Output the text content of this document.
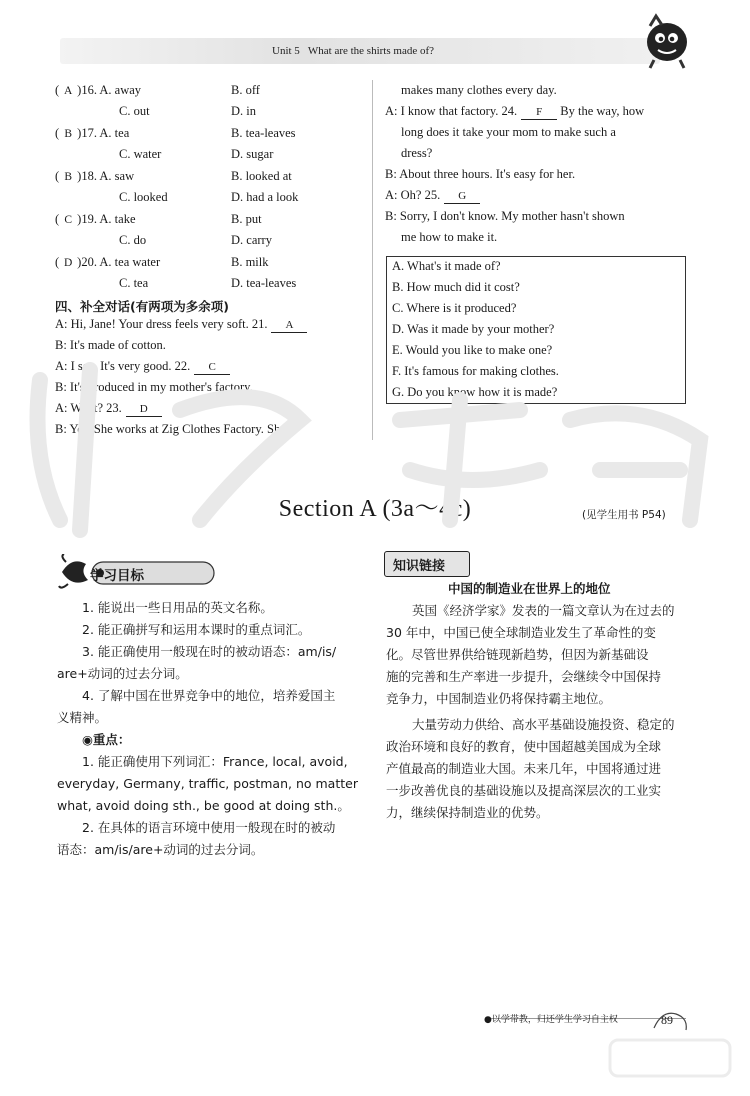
Unit 5 What are the shirts made of?
( A )16. A. away	B. off
C. out	D. in
( B )17. A. tea	B. tea-leaves
C. water	D. sugar
( B )18. A. saw	B. looked at
C. looked	D. had a look
( C )19. A. take	B. put
C. do	D. carry
( D )20. A. tea water	B. milk
C. tea	D. tea-leaves
四、补全对话(有两项为多余项)
A: Hi, Jane! Your dress feels very soft. 21. A
B: It's made of cotton.
A: I see. It's very good. 22. C
B: It's produced in my mother's factory.
A: What? 23. D
B: Yes. She works at Zig Clothes Factory. She
makes many clothes every day.
A: I know that factory. 24. F By the way, how
long does it take your mom to make such a
dress?
B: About three hours. It's easy for her.
A: Oh? 25. G
B: Sorry, I don't know. My mother hasn't shown
me how to make it.
A. What's it made of?
B. How much did it cost?
C. Where is it produced?
D. Was it made by your mother?
E. Would you like to make one?
F. It's famous for making clothes.
G. Do you know how it is made?
Section A (3a～4c)	(见学生用书 P54)
学习目标
1. 能说出一些日用品的英文名称。
2. 能正确拼写和运用本课时的重点词汇。
3. 能正确使用一般现在时的被动语态：am/is/
are+动词的过去分词。
4. 了解中国在世界竞争中的地位，培养爱国主
义精神。
◉重点：
1. 能正确使用下列词汇：France, local, avoid,
everyday, Germany, traffic, postman, no matter
what, avoid doing sth., be good at doing sth.。
2. 在具体的语言环境中使用一般现在时的被动
语态：am/is/are+动词的过去分词。
知识链接
中国的制造业在世界上的地位
英国《经济学家》发表的一篇文章认为在过去的
30 年中，中国已使全球制造业发生了革命性的变
化。尽管世界供给链现新趋势，但因为新基础设
施的完善和生产率进一步提升，会继续令中国保持
竞争力，中国制造业仍将保持霸主地位。
大量劳动力供给、高水平基础设施投资、稳定的
政治环境和良好的教育，使中国超越美国成为全球
产值最高的制造业大国。未来几年，中国将通过进
一步改善优良的基础设施以及提高深层次的工业实
力，继续保持制造业的优势。
●以学带教，归还学生学习自主权	89
